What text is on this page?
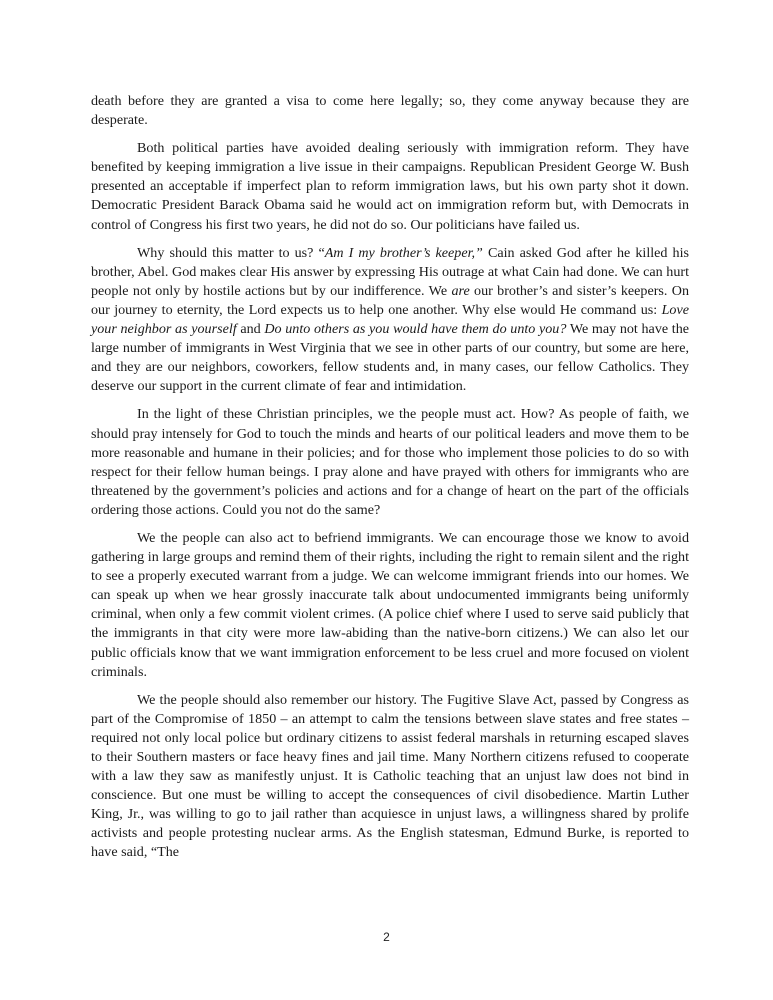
death before they are granted a visa to come here legally; so, they come anyway because they are desperate.

Both political parties have avoided dealing seriously with immigration reform. They have benefited by keeping immigration a live issue in their campaigns. Republican President George W. Bush presented an acceptable if imperfect plan to reform immigration laws, but his own party shot it down. Democratic President Barack Obama said he would act on immigration reform but, with Democrats in control of Congress his first two years, he did not do so. Our politicians have failed us.

Why should this matter to us? “Am I my brother’s keeper,” Cain asked God after he killed his brother, Abel. God makes clear His answer by expressing His outrage at what Cain had done. We can hurt people not only by hostile actions but by our indifference. We are our brother’s and sister’s keepers. On our journey to eternity, the Lord expects us to help one another. Why else would He command us: Love your neighbor as yourself and Do unto others as you would have them do unto you? We may not have the large number of immigrants in West Virginia that we see in other parts of our country, but some are here, and they are our neighbors, coworkers, fellow students and, in many cases, our fellow Catholics. They deserve our support in the current climate of fear and intimidation.

In the light of these Christian principles, we the people must act. How? As people of faith, we should pray intensely for God to touch the minds and hearts of our political leaders and move them to be more reasonable and humane in their policies; and for those who implement those policies to do so with respect for their fellow human beings. I pray alone and have prayed with others for immigrants who are threatened by the government’s policies and actions and for a change of heart on the part of the officials ordering those actions. Could you not do the same?

We the people can also act to befriend immigrants. We can encourage those we know to avoid gathering in large groups and remind them of their rights, including the right to remain silent and the right to see a properly executed warrant from a judge. We can welcome immigrant friends into our homes. We can speak up when we hear grossly inaccurate talk about undocumented immigrants being uniformly criminal, when only a few commit violent crimes. (A police chief where I used to serve said publicly that the immigrants in that city were more law-abiding than the native-born citizens.) We can also let our public officials know that we want immigration enforcement to be less cruel and more focused on violent criminals.

We the people should also remember our history. The Fugitive Slave Act, passed by Congress as part of the Compromise of 1850 – an attempt to calm the tensions between slave states and free states – required not only local police but ordinary citizens to assist federal marshals in returning escaped slaves to their Southern masters or face heavy fines and jail time. Many Northern citizens refused to cooperate with a law they saw as manifestly unjust. It is Catholic teaching that an unjust law does not bind in conscience. But one must be willing to accept the consequences of civil disobedience. Martin Luther King, Jr., was willing to go to jail rather than acquiesce in unjust laws, a willingness shared by prolife activists and people protesting nuclear arms. As the English statesman, Edmund Burke, is reported to have said, “The

2
